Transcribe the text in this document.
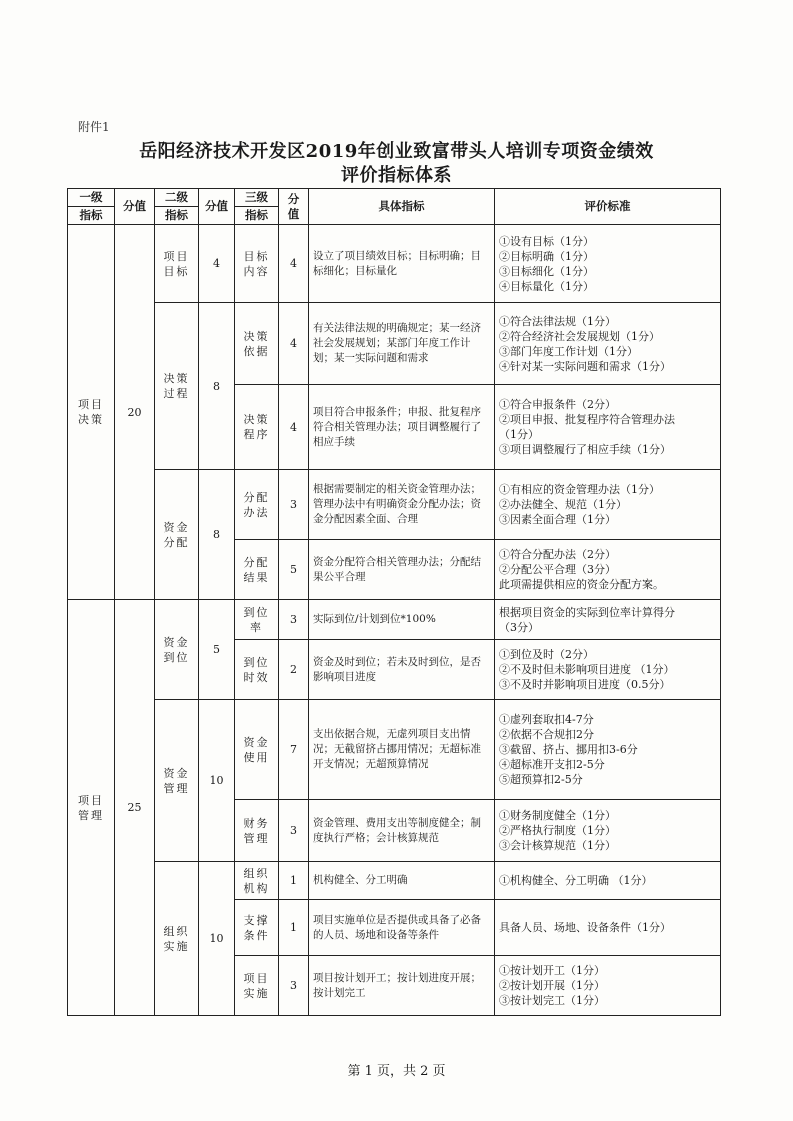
附件1
岳阳经济技术开发区2019年创业致富带头人培训专项资金绩效
评价指标体系
一级	分值	二级	分值	三级	分值	具体指标	评价标准
指标		指标		指标			
项目决策	20	项目目标	4	目标内容	4	设立了项目绩效目标；目标明确；目标细化；目标量化	①设有目标（1分）
②目标明确（1分）
③目标细化（1分）
④目标量化（1分）

		决策过程	8	决策依据	4	有关法律法规的明确规定；某一经济社会发展规划；某部门年度工作计划；某一实际问题和需求	①符合法律法规（1分）
②符合经济社会发展规划（1分）
③部门年度工作计划（1分）
④针对某一实际问题和需求（1分）

				决策程序	4	项目符合申报条件；申报、批复程序符合相关管理办法；项目调整履行了相应手续	①符合申报条件（2分）
②项目申报、批复程序符合管理办法
（1分）
③项目调整履行了相应手续（1分）

		资金分配	8	分配办法	3	根据需要制定的相关资金管理办法；管理办法中有明确资金分配办法；资金分配因素全面、合理	①有相应的资金管理办法（1分）
②办法健全、规范（1分）
③因素全面合理（1分）

				分配结果	5	资金分配符合相关管理办法；分配结果公平合理	①符合分配办法（2分）
②分配公平合理（3分）
此项需提供相应的资金分配方案。

项目管理	25	资金到位	5	到位率	3	实际到位/计划到位*100%	根据项目资金的实际到位率计算得分
（3分）

				到位时效	2	资金及时到位；若未及时到位，是否影响项目进度	①到位及时（2分）
②不及时但未影响项目进度 （1分）
③不及时并影响项目进度（0.5分）

		资金管理	10	资金使用	7	支出依据合规，无虚列项目支出情况；无截留挤占挪用情况；无超标准开支情况；无超预算情况	①虚列套取扣4-7分
②依据不合规扣2分
③截留、挤占、挪用扣3-6分
④超标准开支扣2-5分
⑤超预算扣2-5分

				财务管理	3	资金管理、费用支出等制度健全；制度执行严格；会计核算规范	①财务制度健全（1分）
②严格执行制度（1分）
③会计核算规范（1分）

		组织实施	10	组织机构	1	机构健全、分工明确	①机构健全、分工明确 （1分）

				支撑条件	1	项目实施单位是否提供或具备了必备的人员、场地和设备等条件	具备人员、场地、设备条件（1分）

				项目实施	3	项目按计划开工；按计划进度开展；按计划完工	①按计划开工（1分）
②按计划开展（1分）
③按计划完工（1分）
第 1 页，共 2 页
